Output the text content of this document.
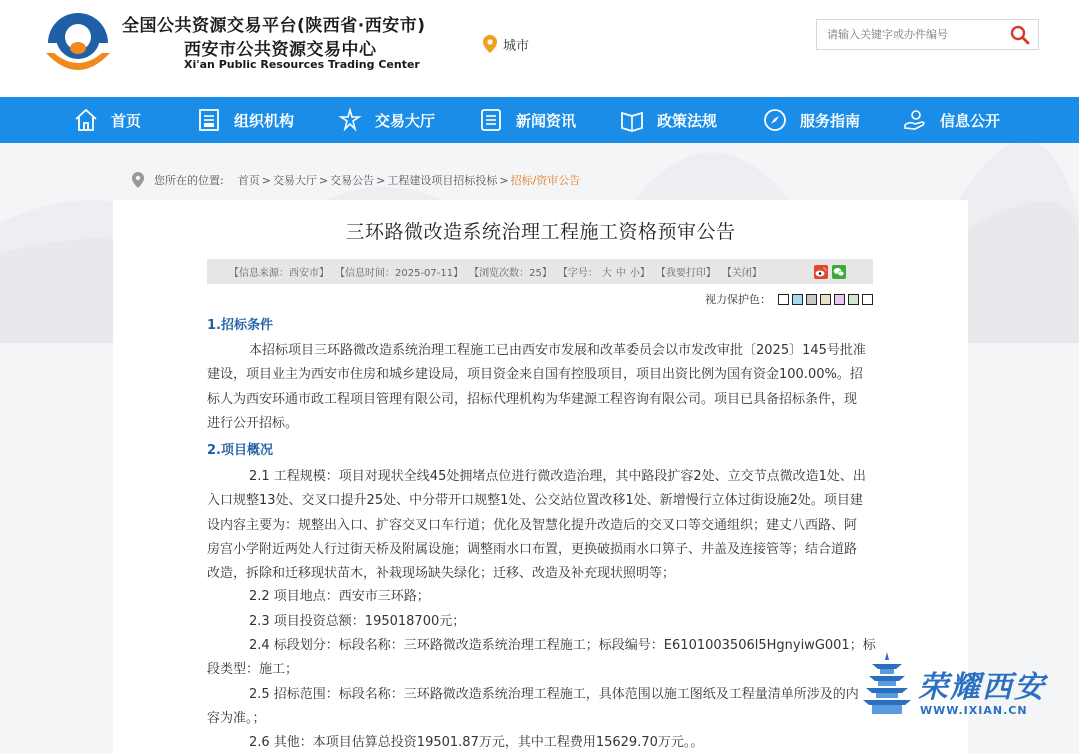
全国公共资源交易平台(陕西省·西安市)
西安市公共资源交易中心
Xi'an Public Resources Trading Center
城市
请输入关键字或办件编号
首页	组织机构	交易大厅	新闻资讯	政策法规	服务指南	信息公开
您所在的位置: 首页 > 交易大厅 > 交易公告 > 工程建设项目招标投标 > 招标/资审公告
三环路微改造系统治理工程施工资格预审公告
【信息来源：西安市】 【信息时间：2025-07-11】 【浏览次数：25】 【字号： 大 中 小】 【我要打印】 【关闭】
视力保护色：
1.招标条件
本招标项目三环路微改造系统治理工程施工已由西安市发展和改革委员会以市发改审批〔2025〕145号批准
建设，项目业主为西安市住房和城乡建设局，项目资金来自国有控股项目，项目出资比例为国有资金100.00%。招
标人为西安环通市政工程项目管理有限公司，招标代理机构为华建源工程咨询有限公司。项目已具备招标条件，现
进行公开招标。
2.项目概况
2.1 工程规模：项目对现状全线45处拥堵点位进行微改造治理，其中路段扩容2处、立交节点微改造1处、出
入口规整13处、交叉口提升25处、中分带开口规整1处、公交站位置改移1处、新增慢行立体过街设施2处。项目建
设内容主要为：规整出入口、扩容交叉口车行道；优化及智慧化提升改造后的交叉口等交通组织；建丈八西路、阿
房宫小学附近两处人行过街天桥及附属设施；调整雨水口布置，更换破损雨水口箅子、井盖及连接管等；结合道路
改造，拆除和迁移现状苗木，补栽现场缺失绿化；迁移、改造及补充现状照明等；
2.2 项目地点：西安市三环路；
2.3 项目投资总额：195018700元；
2.4 标段划分：标段名称：三环路微改造系统治理工程施工；标段编号：E6101003506l5HgnyiwG001；标
段类型：施工；
2.5 招标范围：标段名称：三环路微改造系统治理工程施工，具体范围以施工图纸及工程量清单所涉及的内
容为准。；
2.6 其他：本项目估算总投资19501.87万元，其中工程费用15629.70万元。。
荣耀西安
WWW.IXIAN.CN
